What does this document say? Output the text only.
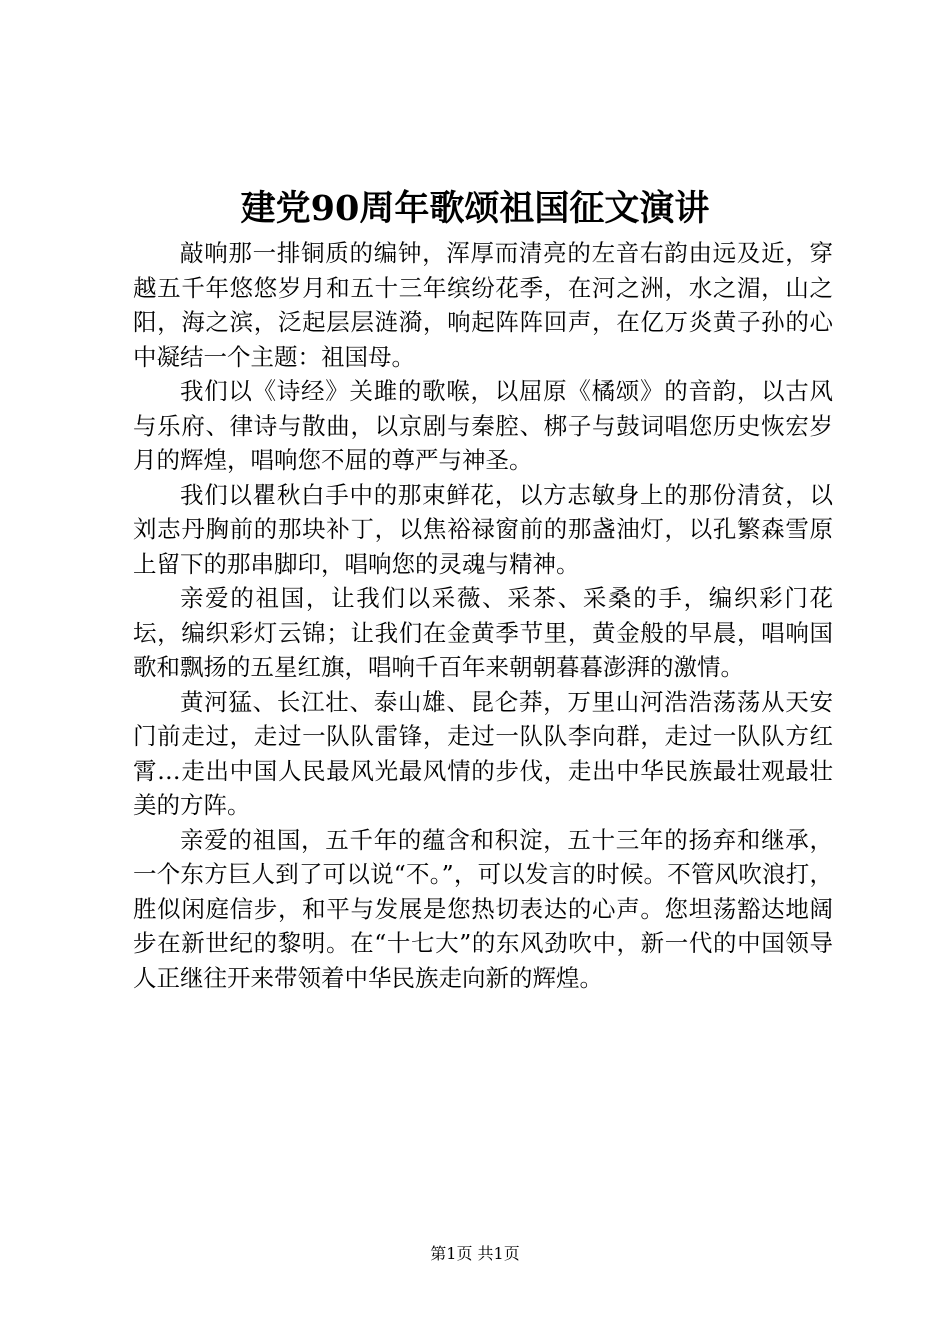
建党90周年歌颂祖国征文演讲

敲响那一排铜质的编钟，浑厚而清亮的左音右韵由远及近，穿越五千年悠悠岁月和五十三年缤纷花季，在河之洲，水之湄，山之阳，海之滨，泛起层层涟漪，响起阵阵回声，在亿万炎黄子孙的心中凝结一个主题：祖国母。

我们以《诗经》关雎的歌喉，以屈原《橘颂》的音韵，以古风与乐府、律诗与散曲，以京剧与秦腔、梆子与鼓词唱您历史恢宏岁月的辉煌，唱响您不屈的尊严与神圣。

我们以瞿秋白手中的那束鲜花，以方志敏身上的那份清贫，以刘志丹胸前的那块补丁，以焦裕禄窗前的那盏油灯，以孔繁森雪原上留下的那串脚印，唱响您的灵魂与精神。

亲爱的祖国，让我们以采薇、采茶、采桑的手，编织彩门花坛，编织彩灯云锦；让我们在金黄季节里，黄金般的早晨，唱响国歌和飘扬的五星红旗，唱响千百年来朝朝暮暮澎湃的激情。

黄河猛、长江壮、泰山雄、昆仑莽，万里山河浩浩荡荡从天安门前走过，走过一队队雷锋，走过一队队李向群，走过一队队方红霄…走出中国人民最风光最风情的步伐，走出中华民族最壮观最壮美的方阵。

亲爱的祖国，五千年的蕴含和积淀，五十三年的扬弃和继承，一个东方巨人到了可以说“不。”，可以发言的时候。不管风吹浪打，胜似闲庭信步，和平与发展是您热切表达的心声。您坦荡豁达地阔步在新世纪的黎明。在“十七大”的东风劲吹中，新一代的中国领导人正继往开来带领着中华民族走向新的辉煌。

第1页 共1页
